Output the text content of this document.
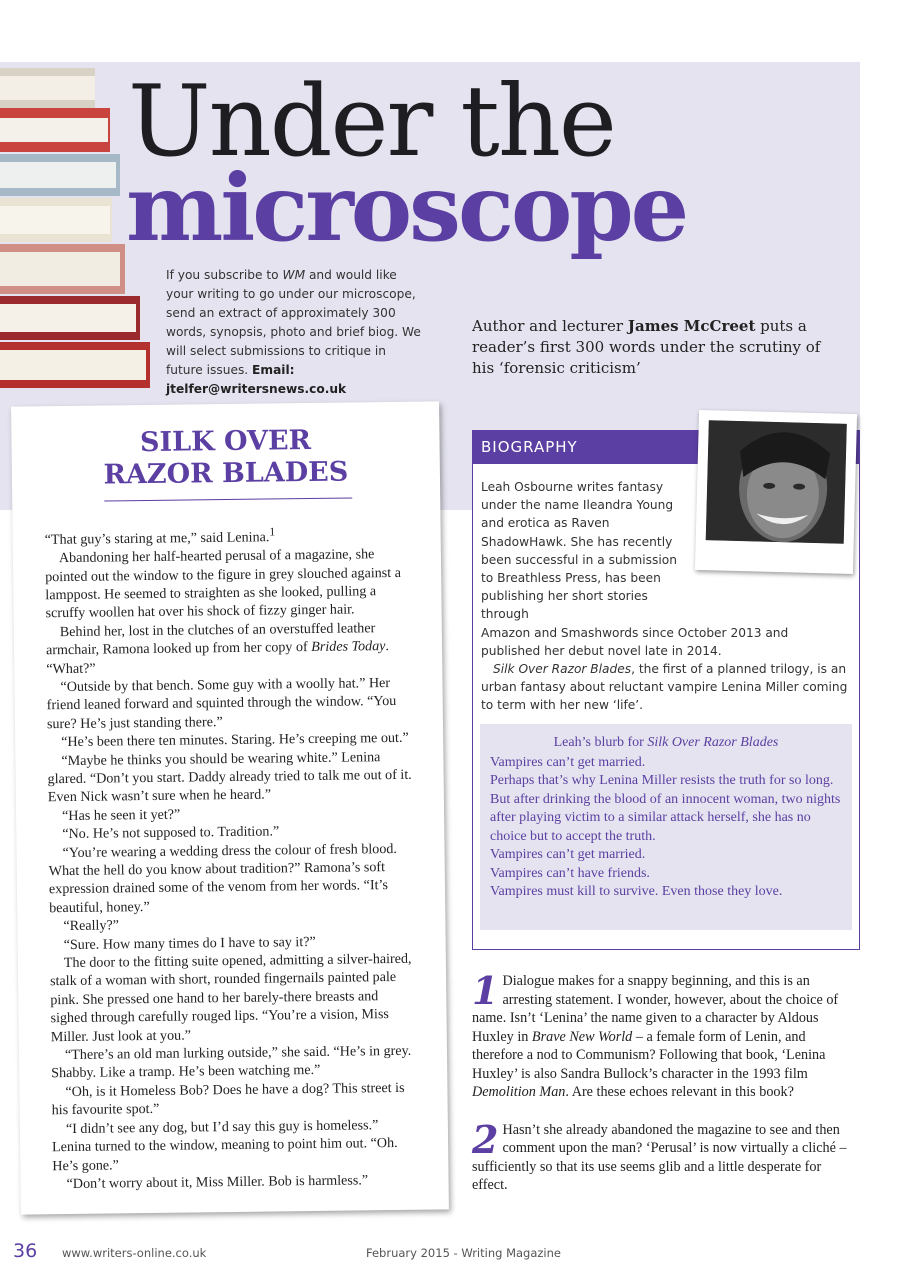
Under the
microscope
If you subscribe to WM and would like your writing to go under our microscope, send an extract of approximately 300 words, synopsis, photo and brief biog. We will select submissions to critique in future issues. Email: jtelfer@writersnews.co.uk
Author and lecturer James McCreet puts a reader’s first 300 words under the scrutiny of his ‘forensic criticism’
SILK OVER
RAZOR BLADES

“That guy’s staring at me,” said Lenina.$^1$

Abandoning her half-hearted perusal of a magazine, she pointed out the window to the figure in grey slouched against a lamppost. He seemed to straighten as she looked, pulling a scruffy woollen hat over his shock of fizzy ginger hair.

Behind her, lost in the clutches of an overstuffed leather armchair, Ramona looked up from her copy of Brides Today. “What?”

“Outside by that bench. Some guy with a woolly hat.” Her friend leaned forward and squinted through the window. “You sure? He’s just standing there.”

“He’s been there ten minutes. Staring. He’s creeping me out.”

“Maybe he thinks you should be wearing white.” Lenina glared. “Don’t you start. Daddy already tried to talk me out of it. Even Nick wasn’t sure when he heard.”

“Has he seen it yet?”

“No. He’s not supposed to. Tradition.”

“You’re wearing a wedding dress the colour of fresh blood. What the hell do you know about tradition?” Ramona’s soft expression drained some of the venom from her words. “It’s beautiful, honey.”

“Really?”

“Sure. How many times do I have to say it?”

The door to the fitting suite opened, admitting a silver-haired, stalk of a woman with short, rounded fingernails painted pale pink. She pressed one hand to her barely-there breasts and sighed through carefully rouged lips. “You’re a vision, Miss Miller. Just look at you.”

“There’s an old man lurking outside,” she said. “He’s in grey. Shabby. Like a tramp. He’s been watching me.”

“Oh, is it Homeless Bob? Does he have a dog? This street is his favourite spot.”

“I didn’t see any dog, but I’d say this guy is homeless.” Lenina turned to the window, meaning to point him out. “Oh. He’s gone.”

“Don’t worry about it, Miss Miller. Bob is harmless.”

BIOGRAPHY

Leah Osbourne writes fantasy under the name Ileandra Young and erotica as Raven ShadowHawk. She has recently been successful in a submission to Breathless Press, has been publishing her short stories through

Amazon and Smashwords since October 2013 and published her debut novel late in 2014.

Silk Over Razor Blades, the first of a planned trilogy, is an urban fantasy about reluctant vampire Lenina Miller coming to term with her new ‘life’.

Leah’s blurb for Silk Over Razor Blades
Vampires can’t get married.
Perhaps that’s why Lenina Miller resists the truth for so long. But after drinking the blood of an innocent woman, two nights after playing victim to a similar attack herself, she has no choice but to accept the truth.
Vampires can’t get married.
Vampires can’t have friends.
Vampires must kill to survive. Even those they love.
1 Dialogue makes for a snappy beginning, and this is an arresting statement. I wonder, however, about the choice of name. Isn’t ‘Lenina’ the name given to a character by Aldous Huxley in Brave New World – a female form of Lenin, and therefore a nod to Communism? Following that book, ‘Lenina Huxley’ is also Sandra Bullock’s character in the 1993 film Demolition Man. Are these echoes relevant in this book?
2 Hasn’t she already abandoned the magazine to see and then comment upon the man? ‘Perusal’ is now virtually a cliché – sufficiently so that its use seems glib and a little desperate for effect.
36 www.writers-online.co.uk	February 2015 - Writing Magazine
